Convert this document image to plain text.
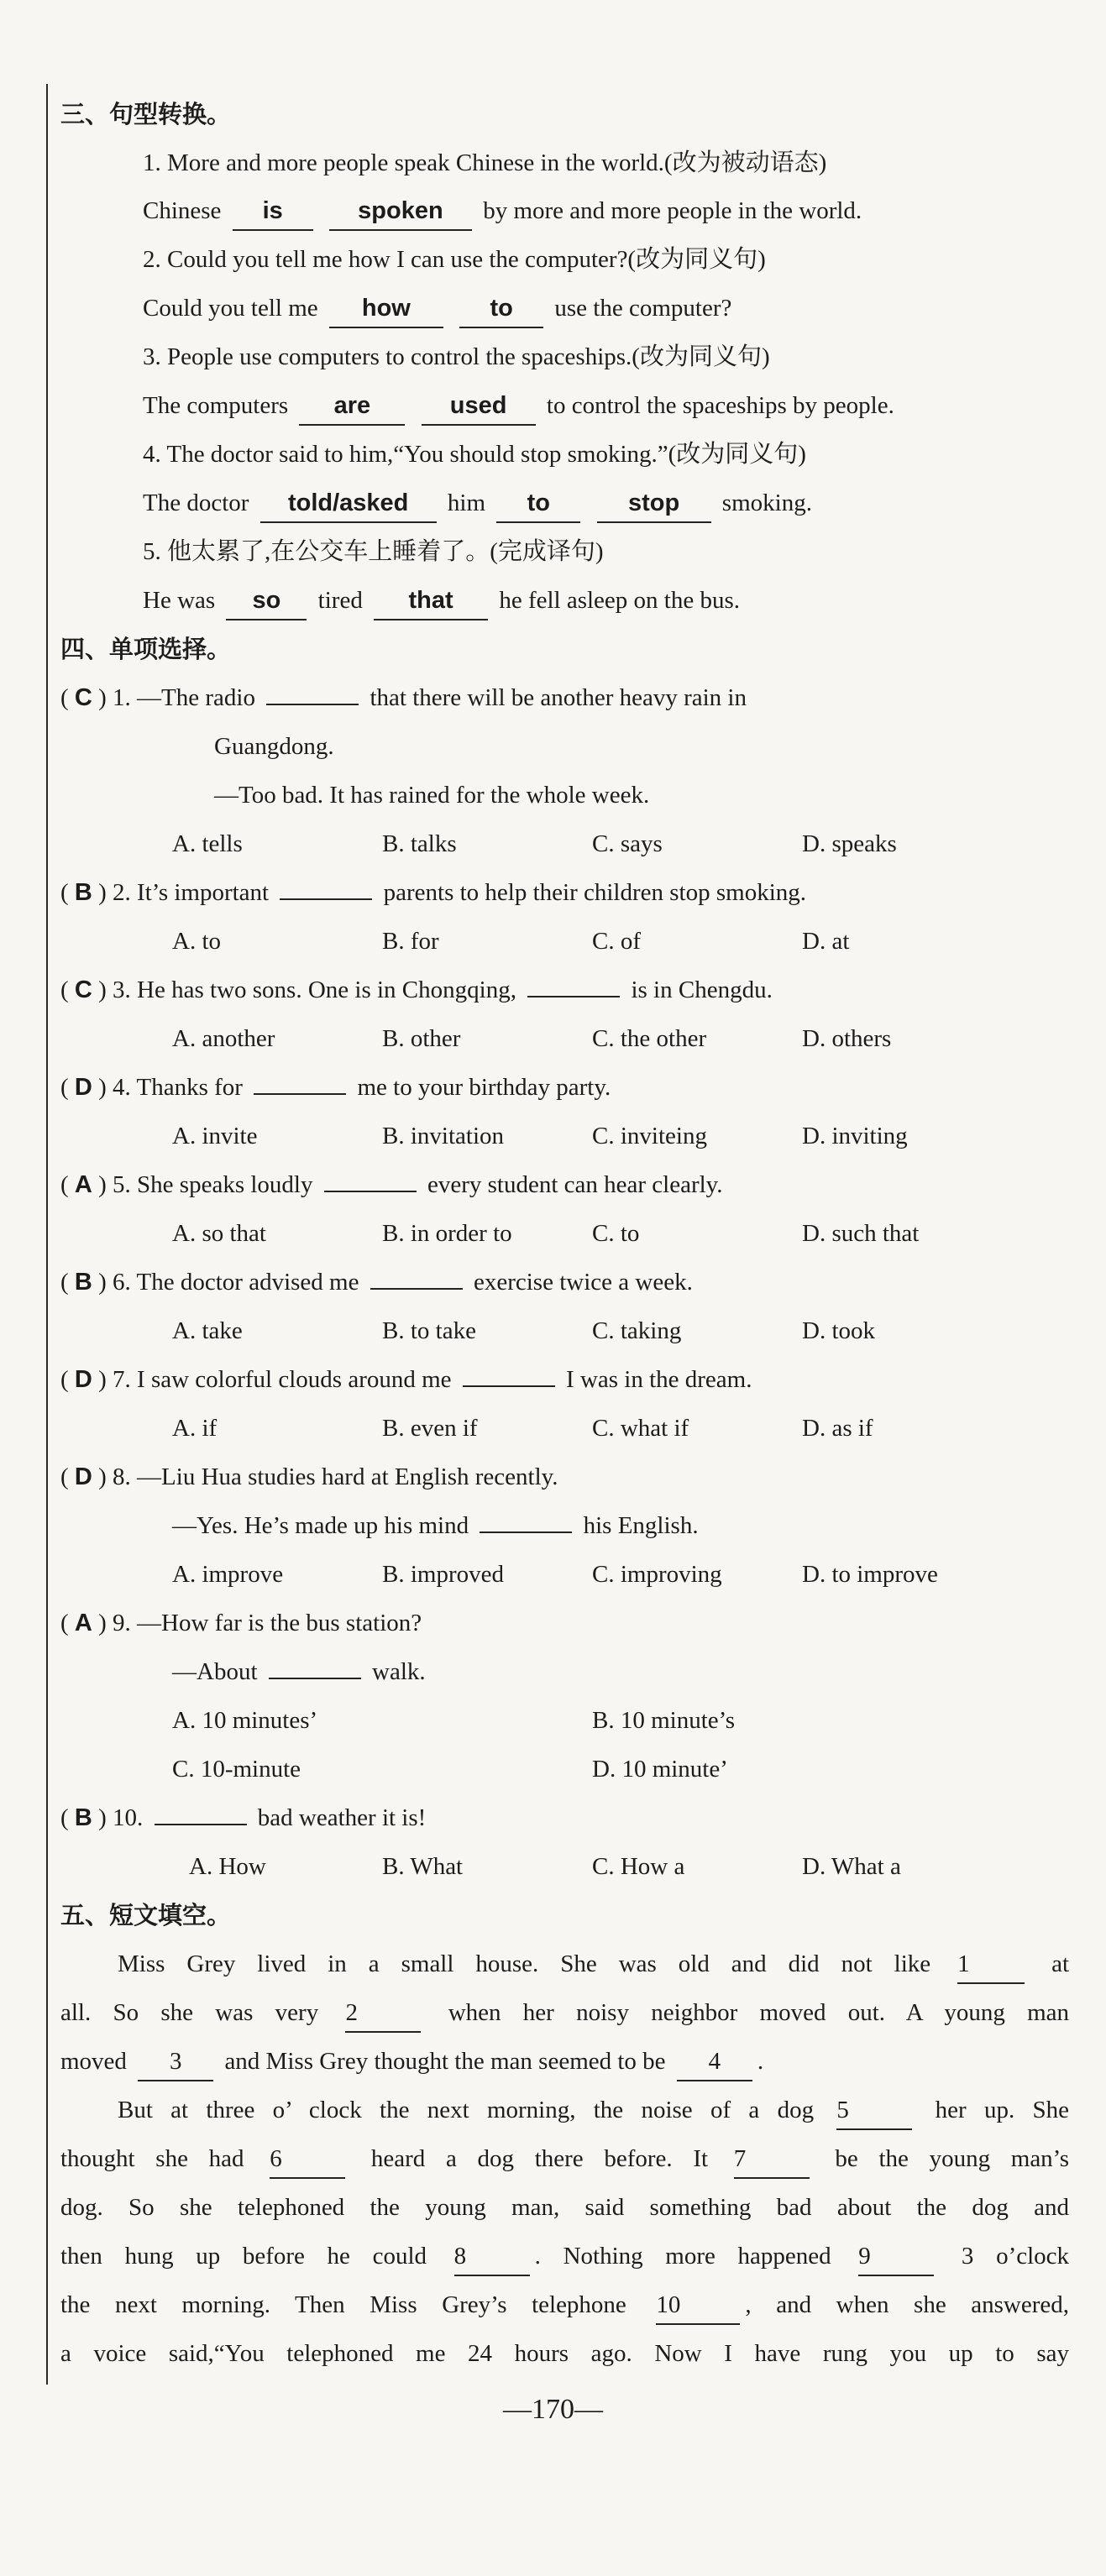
三、句型转换。
1. More and more people speak Chinese in the world.(改为被动语态)
Chinese is	spoken by more and more people in the world.
2. Could you tell me how I can use the computer?(改为同义句)
Could you tell me how	to use the computer?
3. People use computers to control the spaceships.(改为同义句)
The computers are	used to control the spaceships by people.
4. The doctor said to him,“You should stop smoking.”(改为同义句)
The doctor told/asked him to	stop smoking.
5. 他太累了,在公交车上睡着了。(完成译句)
He was so tired that he fell asleep on the bus.
四、单项选择。
( C ) 1. —The radio	that there will be another heavy rain in
Guangdong.
—Too bad. It has rained for the whole week.
A. tells	B. talks	C. says	D. speaks
( B ) 2. It’s important	parents to help their children stop smoking.
A. to	B. for	C. of	D. at
( C ) 3. He has two sons. One is in Chongqing,	is in Chengdu.
A. another	B. other	C. the other	D. others
( D ) 4. Thanks for	me to your birthday party.
A. invite	B. invitation	C. inviteing	D. inviting
( A ) 5. She speaks loudly	every student can hear clearly.
A. so that	B. in order to	C. to	D. such that
( B ) 6. The doctor advised me	exercise twice a week.
A. take	B. to take	C. taking	D. took
( D ) 7. I saw colorful clouds around me	I was in the dream.
A. if	B. even if	C. what if	D. as if
( D ) 8. —Liu Hua studies hard at English recently.
—Yes. He’s made up his mind	his English.
A. improve	B. improved	C. improving	D. to improve
( A ) 9. —How far is the bus station?
—About	walk.
A. 10 minutes’	B. 10 minute’s
C. 10-minute	D. 10 minute’
( B ) 10.	bad weather it is!
A. How	B. What	C. How a	D. What a
五、短文填空。
Miss Grey lived in a small house. She was old and did not like 1	at
all. So she was very 2	when her noisy neighbor moved out. A young man
moved 3 and Miss Grey thought the man seemed to be 4 .
But at three o’ clock the next morning, the noise of a dog 5	her up. She
thought she had 6	heard a dog there before. It 7	be the young man’s
dog. So she telephoned the young man, said something bad about the dog and
then hung up before he could 8	. Nothing more happened 9	3 o’clock
the next morning. Then Miss Grey’s telephone 10	, and when she answered,
a voice said,“You telephoned me 24 hours ago. Now I have rung you up to say
—170—
